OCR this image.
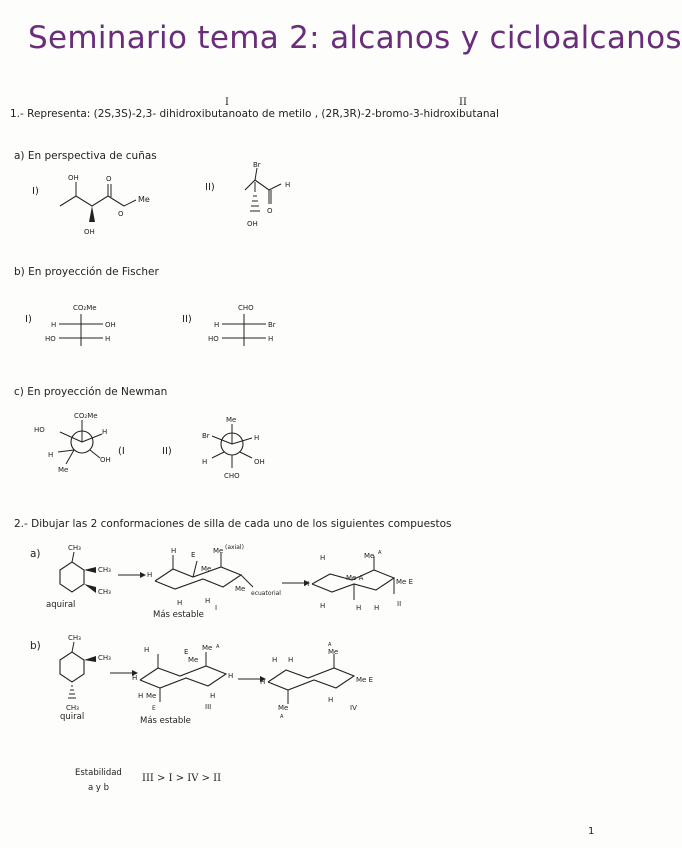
Seminario tema 2: alcanos y cicloalcanos
I	II
1.- Representa: (2S,3S)-2,3- dihidroxibutanoato de metilo , (2R,3R)-2-bromo-3-hidroxibutanal
a) En perspectiva de cuñas
I)
OH
OH
O
O
Me
II)
Br
H
O
OH
b) En proyección de Fischer
I)
CO₂Me
H	OH
HO	H
II)
CHO
H	Br
HO	H
c) En proyección de Newman
CO₂Me
HO	H
H
OH
Me
(I	II)
Me
Br	H
H	OH
CHO
2.- Dibujar las 2 conformaciones de silla de cada uno de los siguientes compuestos
a)	CH₃
CH₃
CH₃
aquiral
H E	Me (axial)
Me
Me
ecuatorial
H
H	H
Más estable
I
H	Me A
Me A	Me E
H
H	H H	II
b)
CH₃
CH₃
CH₃
quiral
H	E
Me
Me A
H	H
H Me	H
E
Más estable
III
A
Me
H H
H	Me E
Me
A
H
IV
Estabilidad
a y b
III > I > IV > II
1
